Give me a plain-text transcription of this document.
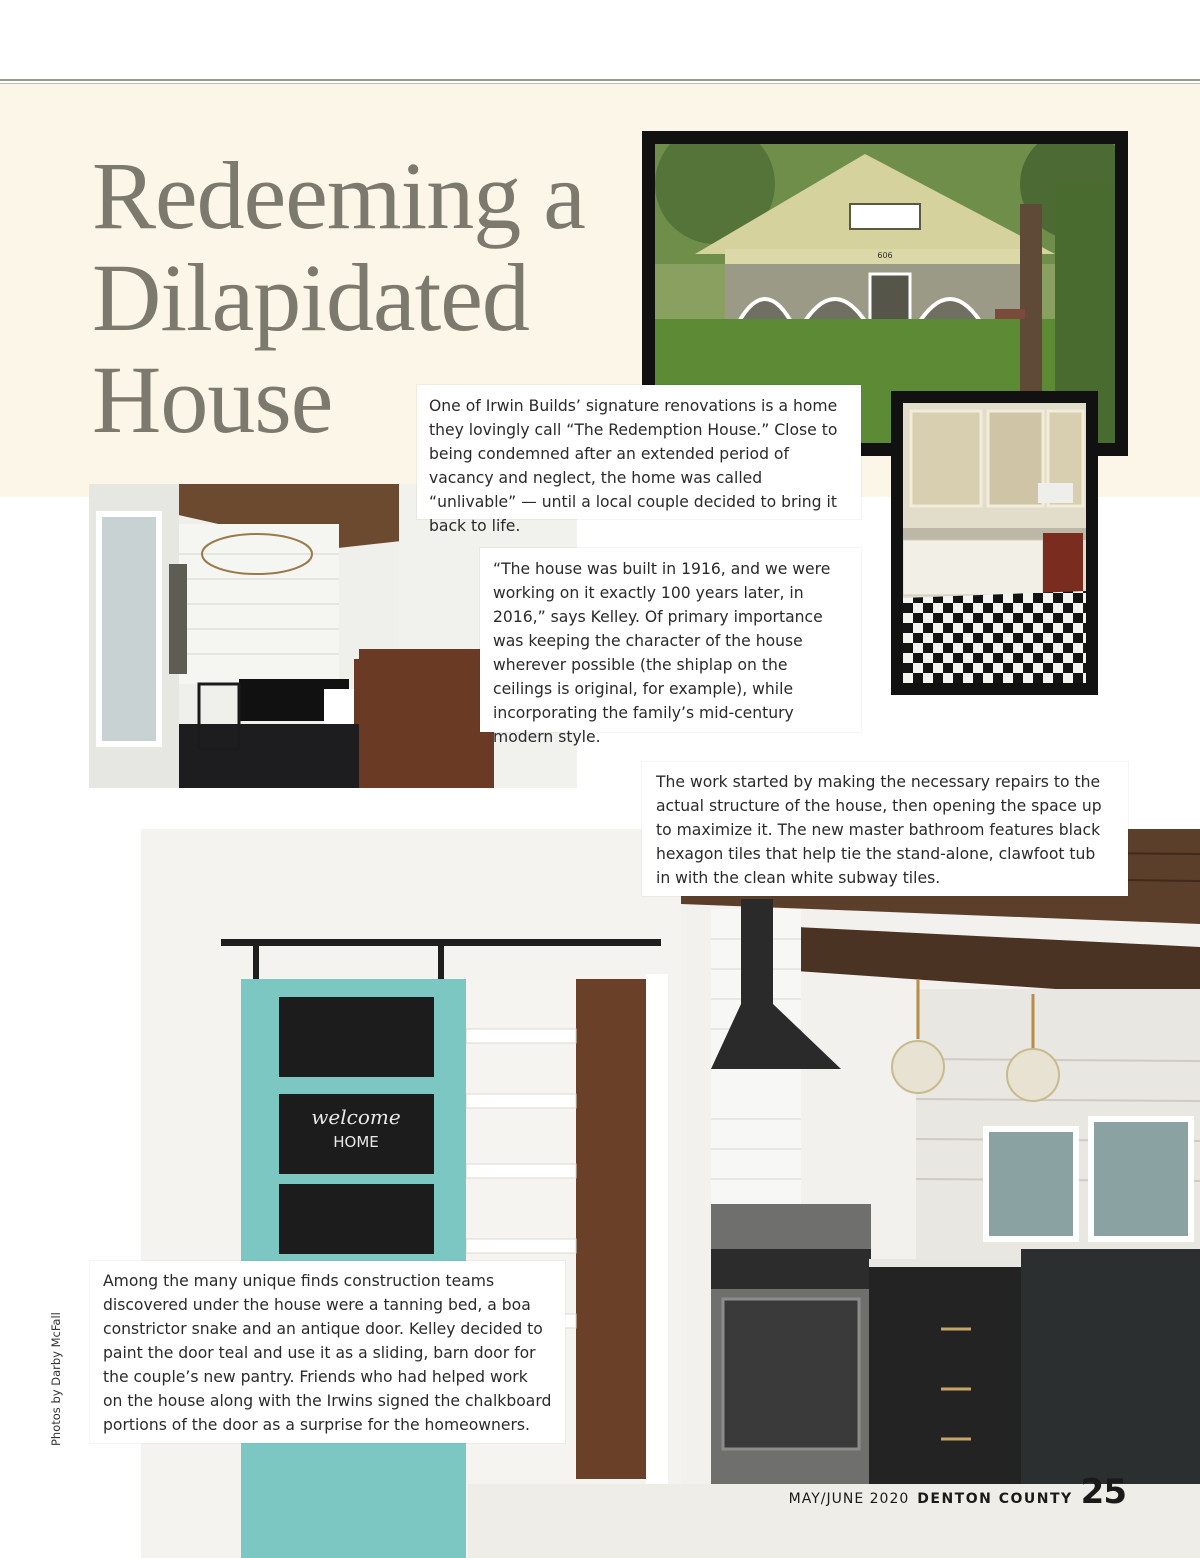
Redeeming a
Dilapidated
House
welcome
HOME
606
One of Irwin Builds’ signature renovations is a home they lovingly call “The Redemption House.” Close to being condemned after an extended period of vacancy and neglect, the home was called “unlivable” — until a local couple decided to bring it back to life.
“The house was built in 1916, and we were working on it exactly 100 years later, in 2016,” says Kelley. Of primary importance was keeping the character of the house wherever possible (the shiplap on the ceilings is original, for example), while incorporating the family’s mid-century modern style.
The work started by making the necessary repairs to the actual structure of the house, then opening the space up to maximize it. The new master bathroom features black hexagon tiles that help tie the stand-alone, clawfoot tub in with the clean white subway tiles.
Among the many unique finds construction teams discovered under the house were a tanning bed, a boa constrictor snake and an antique door. Kelley decided to paint the door teal and use it as a sliding, barn door for the couple’s new pantry. Friends who had helped work on the house along with the Irwins signed the chalkboard portions of the door as a surprise for the homeowners.
Photos by Darby McFall
MAY/JUNE 2020 DENTON COUNTY 25
